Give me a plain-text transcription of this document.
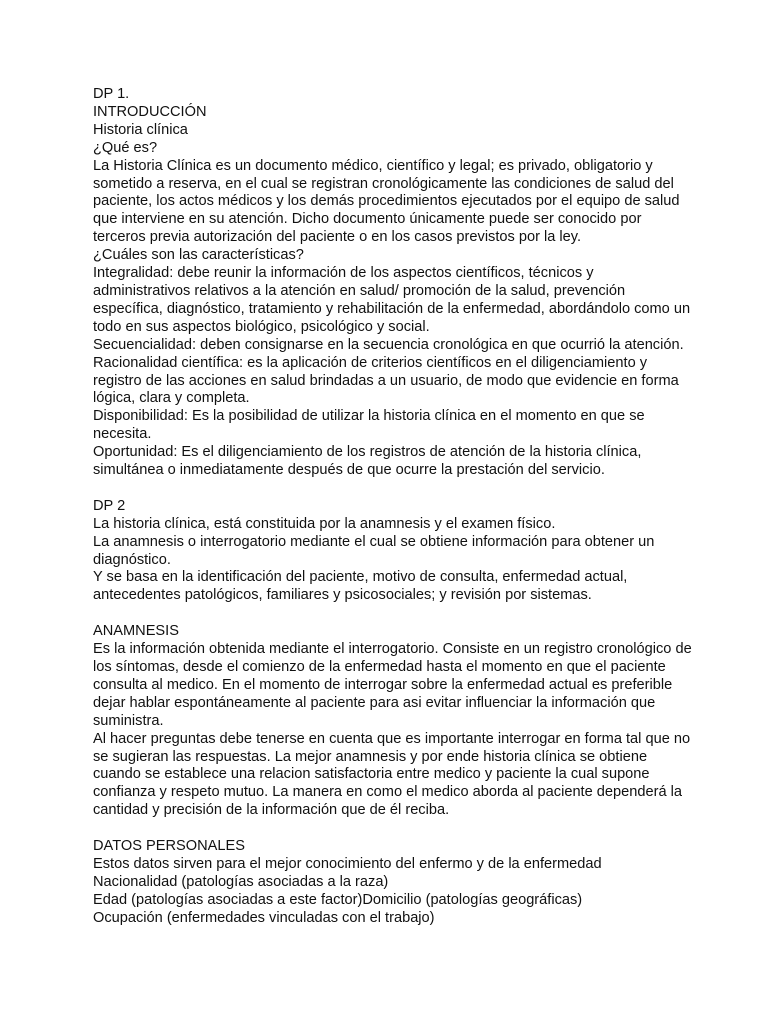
DP 1.
INTRODUCCIÓN
Historia clínica
¿Qué es?
La Historia Clínica es un documento médico, científico y legal; es privado, obligatorio y
sometido a reserva, en el cual se registran cronológicamente las condiciones de salud del
paciente, los actos médicos y los demás procedimientos ejecutados por el equipo de salud
que interviene en su atención. Dicho documento únicamente puede ser conocido por
terceros previa autorización del paciente o en los casos previstos por la ley.
¿Cuáles son las características?
Integralidad: debe reunir la información de los aspectos científicos, técnicos y
administrativos relativos a la atención en salud/ promoción de la salud, prevención
específica, diagnóstico, tratamiento y rehabilitación de la enfermedad, abordándolo como un
todo en sus aspectos biológico, psicológico y social.
Secuencialidad: deben consignarse en la secuencia cronológica en que ocurrió la atención.
Racionalidad científica: es la aplicación de criterios científicos en el diligenciamiento y
registro de las acciones en salud brindadas a un usuario, de modo que evidencie en forma
lógica, clara y completa.
Disponibilidad: Es la posibilidad de utilizar la historia clínica en el momento en que se
necesita.
Oportunidad: Es el diligenciamiento de los registros de atención de la historia clínica,
simultánea o inmediatamente después de que ocurre la prestación del servicio.
DP 2
La historia clínica, está constituida por la anamnesis y el examen físico.
La anamnesis o interrogatorio mediante el cual se obtiene información para obtener un
diagnóstico.
Y se basa en la identificación del paciente, motivo de consulta, enfermedad actual,
antecedentes patológicos, familiares y psicosociales; y revisión por sistemas.
ANAMNESIS
Es la información obtenida mediante el interrogatorio. Consiste en un registro cronológico de
los síntomas, desde el comienzo de la enfermedad hasta el momento en que el paciente
consulta al medico. En el momento de interrogar sobre la enfermedad actual es preferible
dejar hablar espontáneamente al paciente para asi evitar influenciar la información que
suministra.
Al hacer preguntas debe tenerse en cuenta que es importante interrogar en forma tal que no
se sugieran las respuestas. La mejor anamnesis y por ende historia clínica se obtiene
cuando se establece una relacion satisfactoria entre medico y paciente la cual supone
confianza y respeto mutuo. La manera en como el medico aborda al paciente dependerá la
cantidad y precisión de la información que de él reciba.
DATOS PERSONALES
Estos datos sirven para el mejor conocimiento del enfermo y de la enfermedad
Nacionalidad (patologías asociadas a la raza)
Edad (patologías asociadas a este factor)Domicilio (patologías geográficas)
Ocupación (enfermedades vinculadas con el trabajo)
